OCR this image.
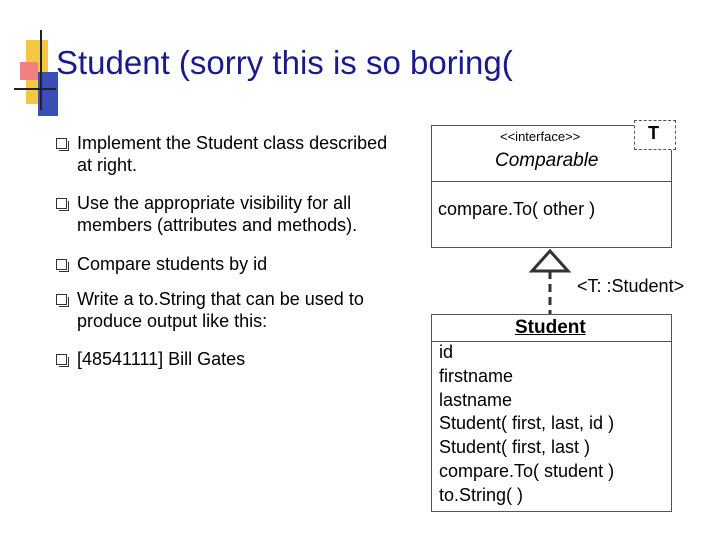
Student (sorry this is so boring(
Implement the Student class described at right.
Use the appropriate visibility for all members (attributes and methods).
Compare students by id
Write a to.String that can be used to produce output like this:
[48541111] Bill Gates
<<interface>>
Comparable
compare.To( other )
T
<T: :Student>
Student
id
firstname
lastname
Student( first, last, id )
Student( first, last )
compare.To( student )
to.String( )
